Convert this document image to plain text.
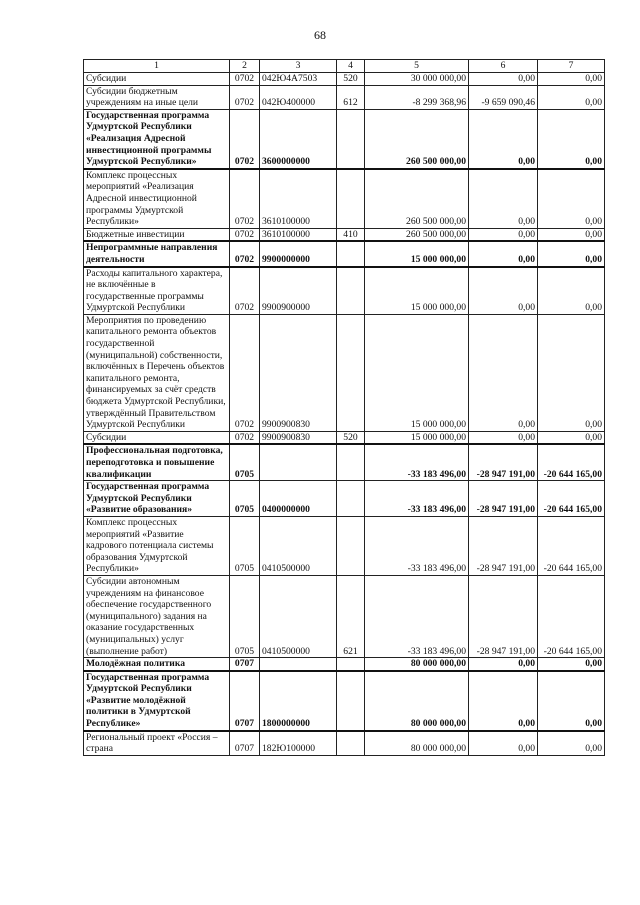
68
1	2	3	4	5	6	7
Субсидии	0702	042Ю4А7503	520	30 000 000,00	0,00	0,00
Субсидии бюджетным учреждениям на иные цели	0702	042Ю400000	612	-8 299 368,96	-9 659 090,46	0,00
Государственная программа Удмуртской Республики «Реализация Адресной инвестиционной программы Удмуртской Республики»	0702	3600000000		260 500 000,00	0,00	0,00
Комплекс процессных мероприятий «Реализация Адресной инвестиционной программы Удмуртской Республики»	0702	3610100000		260 500 000,00	0,00	0,00
Бюджетные инвестиции	0702	3610100000	410	260 500 000,00	0,00	0,00
Непрограммные направления деятельности	0702	9900000000		15 000 000,00	0,00	0,00
Расходы капитального характера, не включённые в государственные программы Удмуртской Республики	0702	9900900000		15 000 000,00	0,00	0,00
Мероприятия по проведению капитального ремонта объектов государственной (муниципальной) собственности, включённых в Перечень объектов капитального ремонта, финансируемых за счёт средств бюджета Удмуртской Республики, утверждённый Правительством Удмуртской Республики	0702	9900900830		15 000 000,00	0,00	0,00
Субсидии	0702	9900900830	520	15 000 000,00	0,00	0,00
Профессиональная подготовка, переподготовка и повышение квалификации	0705			-33 183 496,00	-28 947 191,00	-20 644 165,00
Государственная программа Удмуртской Республики «Развитие образования»	0705	0400000000		-33 183 496,00	-28 947 191,00	-20 644 165,00
Комплекс процессных мероприятий «Развитие кадрового потенциала системы образования Удмуртской Республики»	0705	0410500000		-33 183 496,00	-28 947 191,00	-20 644 165,00
Субсидии автономным учреждениям на финансовое обеспечение государственного (муниципального) задания на оказание государственных (муниципальных) услуг (выполнение работ)	0705	0410500000	621	-33 183 496,00	-28 947 191,00	-20 644 165,00
Молодёжная политика	0707			80 000 000,00	0,00	0,00
Государственная программа Удмуртской Республики «Развитие молодёжной политики в Удмуртской Республике»	0707	1800000000		80 000 000,00	0,00	0,00
Региональный проект «Россия – страна	0707	182Ю100000		80 000 000,00	0,00	0,00
